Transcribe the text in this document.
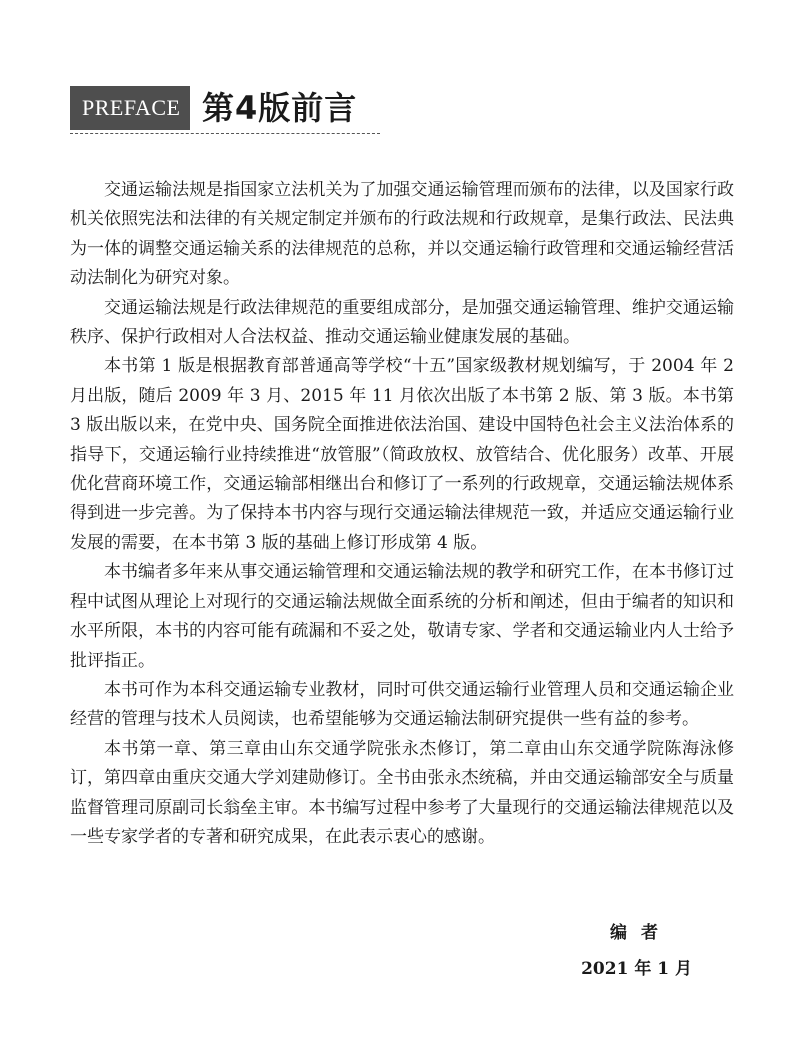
PREFACE 第4版前言

交通运输法规是指国家立法机关为了加强交通运输管理而颁布的法律，以及国家行政机关依照宪法和法律的有关规定制定并颁布的行政法规和行政规章，是集行政法、民法典为一体的调整交通运输关系的法律规范的总称，并以交通运输行政管理和交通运输经营活动法制化为研究对象。

交通运输法规是行政法律规范的重要组成部分，是加强交通运输管理、维护交通运输秩序、保护行政相对人合法权益、推动交通运输业健康发展的基础。

本书第 1 版是根据教育部普通高等学校“十五”国家级教材规划编写，于 2004 年 2 月出版，随后 2009 年 3 月、2015 年 11 月依次出版了本书第 2 版、第 3 版。本书第 3 版出版以来，在党中央、国务院全面推进依法治国、建设中国特色社会主义法治体系的指导下，交通运输行业持续推进“放管服”（简政放权、放管结合、优化服务）改革、开展优化营商环境工作，交通运输部相继出台和修订了一系列的行政规章，交通运输法规体系得到进一步完善。为了保持本书内容与现行交通运输法律规范一致，并适应交通运输行业发展的需要，在本书第 3 版的基础上修订形成第 4 版。

本书编者多年来从事交通运输管理和交通运输法规的教学和研究工作，在本书修订过程中试图从理论上对现行的交通运输法规做全面系统的分析和阐述，但由于编者的知识和水平所限，本书的内容可能有疏漏和不妥之处，敬请专家、学者和交通运输业内人士给予批评指正。

本书可作为本科交通运输专业教材，同时可供交通运输行业管理人员和交通运输企业经营的管理与技术人员阅读，也希望能够为交通运输法制研究提供一些有益的参考。

本书第一章、第三章由山东交通学院张永杰修订，第二章由山东交通学院陈海泳修订，第四章由重庆交通大学刘建勋修订。全书由张永杰统稿，并由交通运输部安全与质量监督管理司原副司长翁垒主审。本书编写过程中参考了大量现行的交通运输法律规范以及一些专家学者的专著和研究成果，在此表示衷心的感谢。

编者
2021 年 1 月
